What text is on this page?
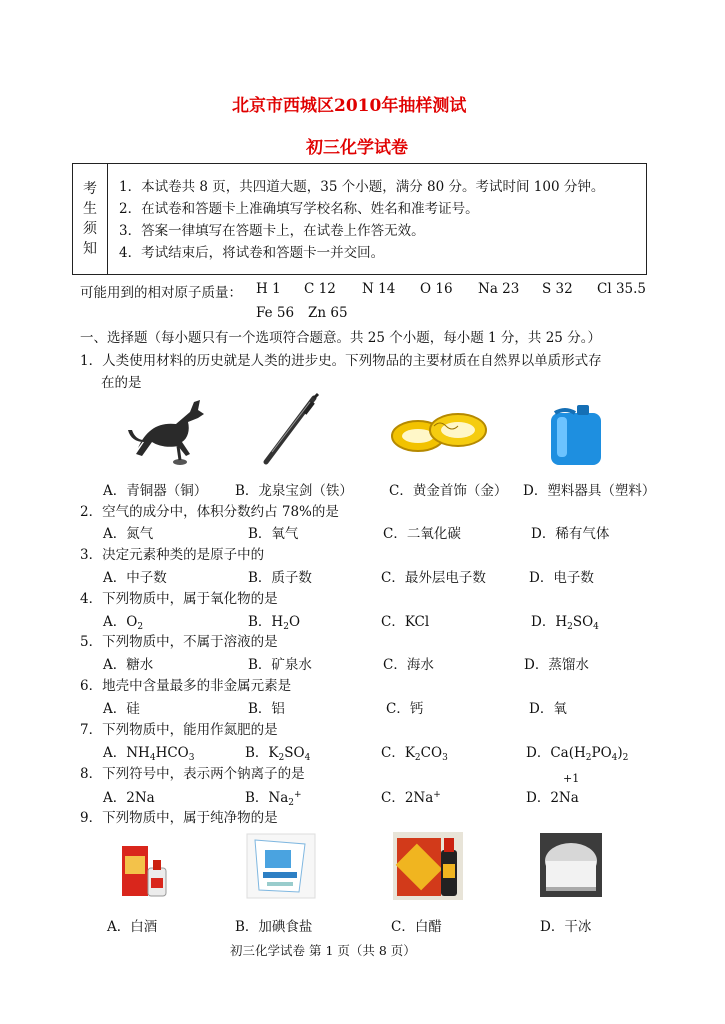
北京市西城区2010年抽样测试
初三化学试卷
考
生
须
知
1．本试卷共 8 页，共四道大题，35 个小题，满分 80 分。考试时间 100 分钟。
2．在试卷和答题卡上准确填写学校名称、姓名和准考证号。
3．答案一律填写在答题卡上，在试卷上作答无效。
4．考试结束后，将试卷和答题卡一并交回。
可能用到的相对原子质量： H 1 C 12 N 14 O 16 Na 23 S 32 Cl 35.5
Fe 56 Zn 65
一、选择题（每小题只有一个选项符合题意。共 25 个小题，每小题 1 分，共 25 分。）
1．人类使用材料的历史就是人类的进步史。下列物品的主要材质在自然界以单质形式存
在的是
A．青铜器（铜） B．龙泉宝剑（铁）	C．黄金首饰（金） D．塑料器具（塑料）
2．空气的成分中，体积分数约占 78%的是
A．氮气	B．氧气	C．二氧化碳	D．稀有气体
3．决定元素种类的是原子中的
A．中子数	B．质子数	C．最外层电子数	D．电子数
4．下列物质中，属于氧化物的是
A．$O_2$	B．$H_2O$	C．KCl	D．$H_2SO_4$
5．下列物质中，不属于溶液的是
A．糖水	B．矿泉水	C．海水	D．蒸馏水
6．地壳中含量最多的非金属元素是
A．硅	B．铝	C．钙	D．氧
7．下列物质中，能用作氮肥的是
A．$NH_4HCO_3$	B．$K_2SO_4$	C．$K_2CO_3$	D．$Ca(H_2PO_4)_2$
8．下列符号中，表示两个钠离子的是	+1
A．2Na	B．$Na_2^+$	C．2Na+	D．2Na
9．下列物质中，属于纯净物的是
A．白酒	B．加碘食盐	C．白醋	D．干冰
初三化学试卷 第 1 页（共 8 页）
